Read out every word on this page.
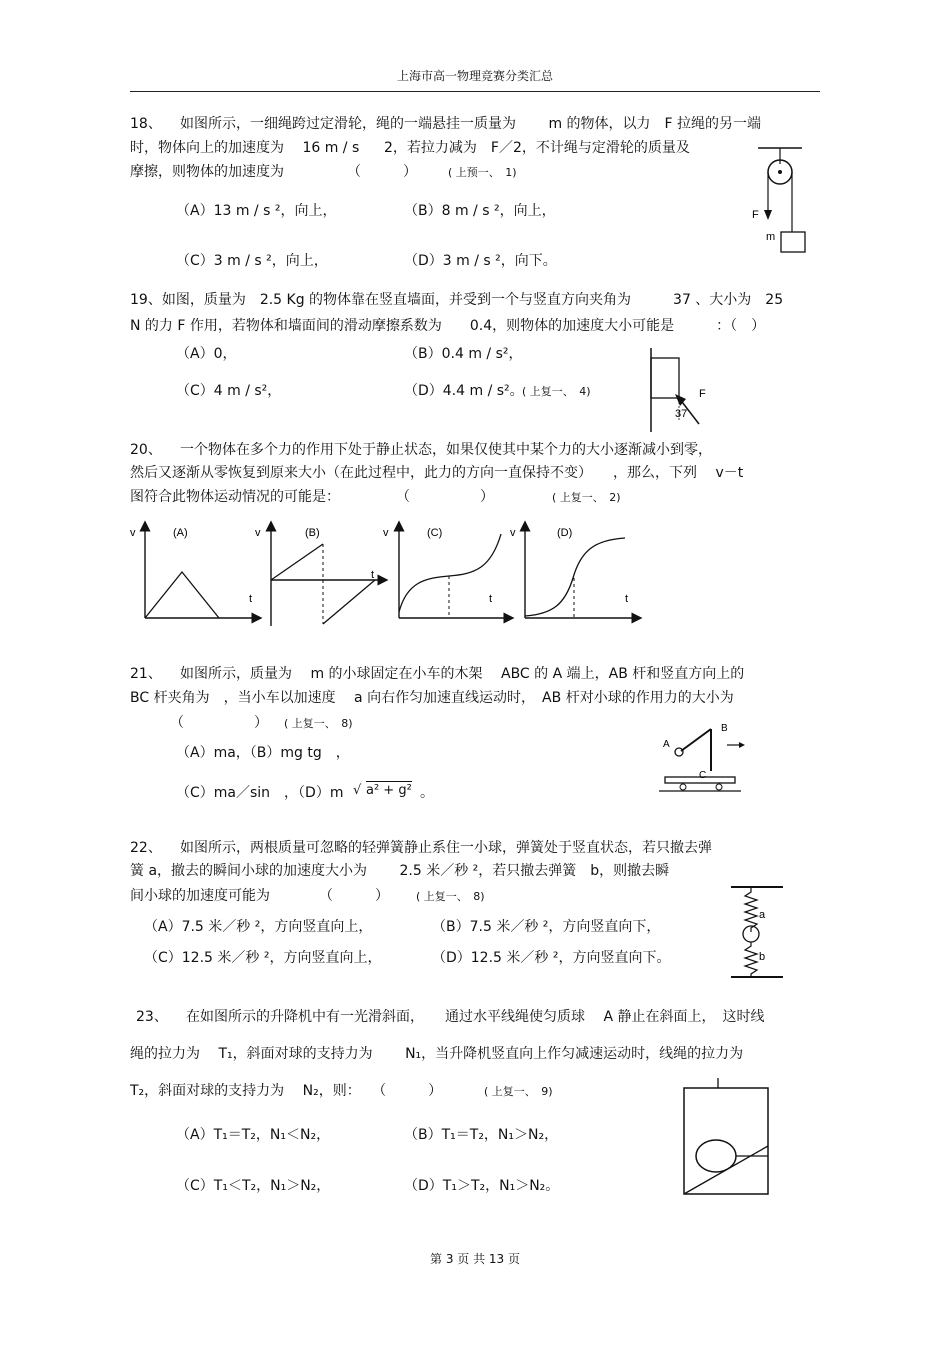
上海市高一物理竞赛分类汇总
18、 如图所示，一细绳跨过定滑轮，绳的一端悬挂一质量为　　 m 的物体，以力　F 拉绳的另一端
时，物体向上的加速度为　 16 m / s 2，若拉力减为　F／2，不计绳与定滑轮的质量及
摩擦，则物体的加速度为　　　　　（　　　）	( 上预一、　1)
（A）13 m / s ²，向上，	（B）8 m / s ²，向上，
（C）3 m / s ²，向上，	（D）3 m / s ²，向下。
F
m
19、如图，质量为　2.5 Kg 的物体靠在竖直墙面，并受到一个与竖直方向夹角为　　　37 、大小为　25
N 的力 F 作用，若物体和墙面间的滑动摩擦系数为　　0.4，则物体的加速度大小可能是　　　：（　）
（A）0，	（B）0.4 m / s²，
（C）4 m / s²，	（D）4.4 m / s²。
( 上复一、　4)	F
37
20、 一个物体在多个力的作用下处于静止状态，如果仅使其中某个力的大小逐渐减小到零，
然后又逐渐从零恢复到原来大小（在此过程中，此力的方向一直保持不变）　　，那么，下列　 v－t
图符合此物体运动情况的可能是：　　　　　（　　　　　）	( 上复一、　2)
v	(A)
t
v	(B)
t
v	(C)
t
v	(D)
t
21、 如图所示，质量为　 m 的小球固定在小车的木架　 ABC 的 A 端上，AB 杆和竖直方向上的
BC 杆夹角为　，当小车以加速度　 a 向右作匀加速直线运动时，　AB 杆对小球的作用力的大小为
（　　　　　） ( 上复一、　8)
（A）ma，（B）mg tg　，
（C）ma／sin　，（D）m √ a² + g² 。
A
B
C
22、 如图所示，两根质量可忽略的轻弹簧静止系住一小球，弹簧处于竖直状态，若只撤去弹
簧 a，撤去的瞬间小球的加速度大小为　　 2.5 米／秒 ²，若只撤去弹簧　b，则撤去瞬
间小球的加速度可能为　　　　（　　　） ( 上复一、　8)
（A）7.5 米／秒 ²，方向竖直向上，	（B）7.5 米／秒 ²，方向竖直向下，
（C）12.5 米／秒 ²，方向竖直向上，	（D）12.5 米／秒 ²，方向竖直向下。
a
b
23、 在如图所示的升降机中有一光滑斜面，　　通过水平线绳使匀质球　 A 静止在斜面上，　这时线
绳的拉力为　 T₁，斜面对球的支持力为　　 N₁，当升降机竖直向上作匀减速运动时，线绳的拉力为
T₂，斜面对球的支持力为　 N₂，则：　 （　　　）	( 上复一、　9)
（A）T₁＝T₂，N₁＜N₂，	（B）T₁＝T₂，N₁＞N₂，
（C）T₁＜T₂，N₁＞N₂，	（D）T₁＞T₂，N₁＞N₂。
第 3 页 共 13 页
